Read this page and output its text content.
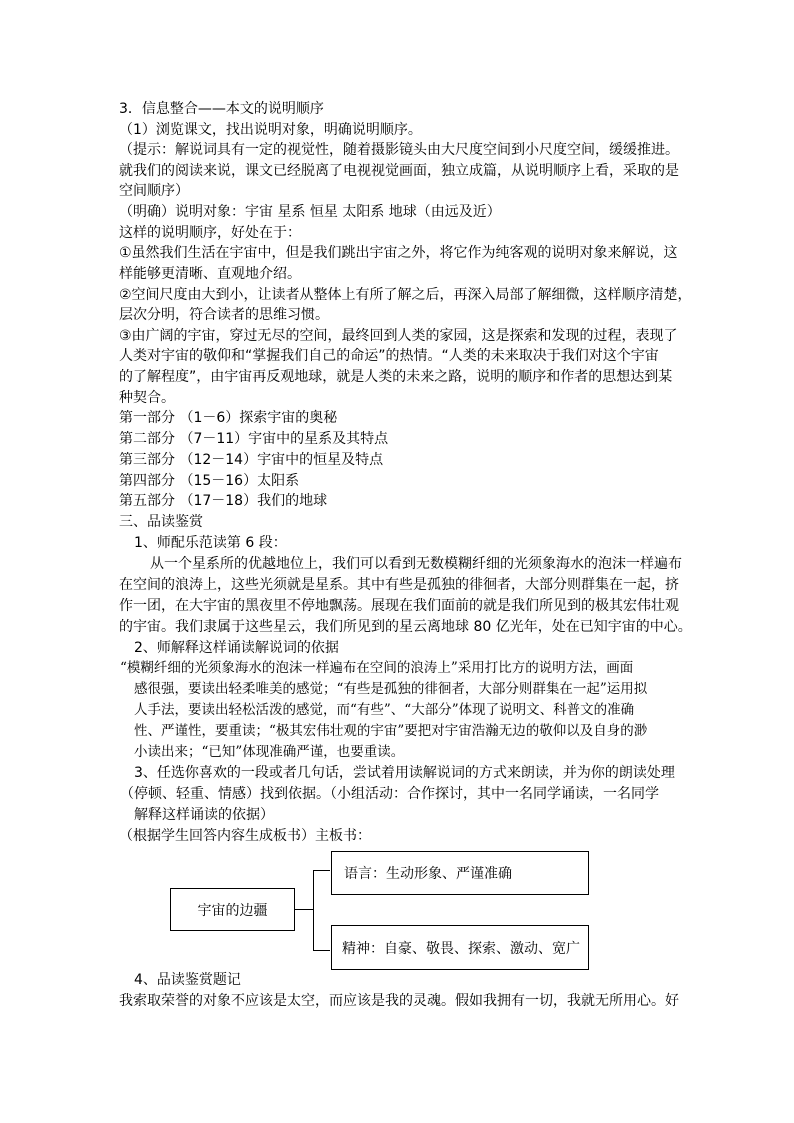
3．信息整合——本文的说明顺序
（1）浏览课文，找出说明对象，明确说明顺序。
（提示：解说词具有一定的视觉性，随着摄影镜头由大尺度空间到小尺度空间，缓缓推进。
就我们的阅读来说，课文已经脱离了电视视觉画面，独立成篇，从说明顺序上看，采取的是
空间顺序）
（明确）说明对象：宇宙 星系 恒星 太阳系 地球（由远及近）
这样的说明顺序，好处在于：
①虽然我们生活在宇宙中，但是我们跳出宇宙之外，将它作为纯客观的说明对象来解说，这
样能够更清晰、直观地介绍。
②空间尺度由大到小，让读者从整体上有所了解之后，再深入局部了解细微，这样顺序清楚，
层次分明，符合读者的思维习惯。
③由广阔的宇宙，穿过无尽的空间，最终回到人类的家园，这是探索和发现的过程，表现了
人类对宇宙的敬仰和“掌握我们自己的命运”的热情。“人类的未来取决于我们对这个宇宙
的了解程度”，由宇宙再反观地球，就是人类的未来之路，说明的顺序和作者的思想达到某
种契合。
第一部分 （1－6）探索宇宙的奥秘
第二部分 （7－11）宇宙中的星系及其特点
第三部分 （12－14）宇宙中的恒星及特点
第四部分 （15－16）太阳系
第五部分 （17－18）我们的地球
三、品读鉴赏
1、师配乐范读第 6 段：
从一个星系所的优越地位上，我们可以看到无数模糊纤细的光须象海水的泡沫一样遍布
在空间的浪涛上，这些光须就是星系。其中有些是孤独的徘徊者，大部分则群集在一起，挤
作一团，在大宇宙的黑夜里不停地飘荡。展现在我们面前的就是我们所见到的极其宏伟壮观
的宇宙。我们隶属于这些星云，我们所见到的星云离地球 80 亿光年，处在已知宇宙的中心。
2、师解释这样诵读解说词的依据
“模糊纤细的光须象海水的泡沫一样遍布在空间的浪涛上”采用打比方的说明方法，画面
感很强，要读出轻柔唯美的感觉；“有些是孤独的徘徊者，大部分则群集在一起”运用拟
人手法，要读出轻松活泼的感觉，而“有些”、“大部分”体现了说明文、科普文的准确
性、严谨性，要重读；“极其宏伟壮观的宇宙”要把对宇宙浩瀚无边的敬仰以及自身的渺
小读出来；“已知”体现准确严谨，也要重读。
3、任选你喜欢的一段或者几句话，尝试着用读解说词的方式来朗读，并为你的朗读处理
（停顿、轻重、情感）找到依据。（小组活动：合作探讨，其中一名同学诵读，一名同学
解释这样诵读的依据）
（根据学生回答内容生成板书）主板书：
宇宙的边疆
语言：生动形象、严谨准确
精神：自豪、敬畏、探索、激动、宽广
4、品读鉴赏题记
我索取荣誉的对象不应该是太空，而应该是我的灵魂。假如我拥有一切，我就无所用心。好
